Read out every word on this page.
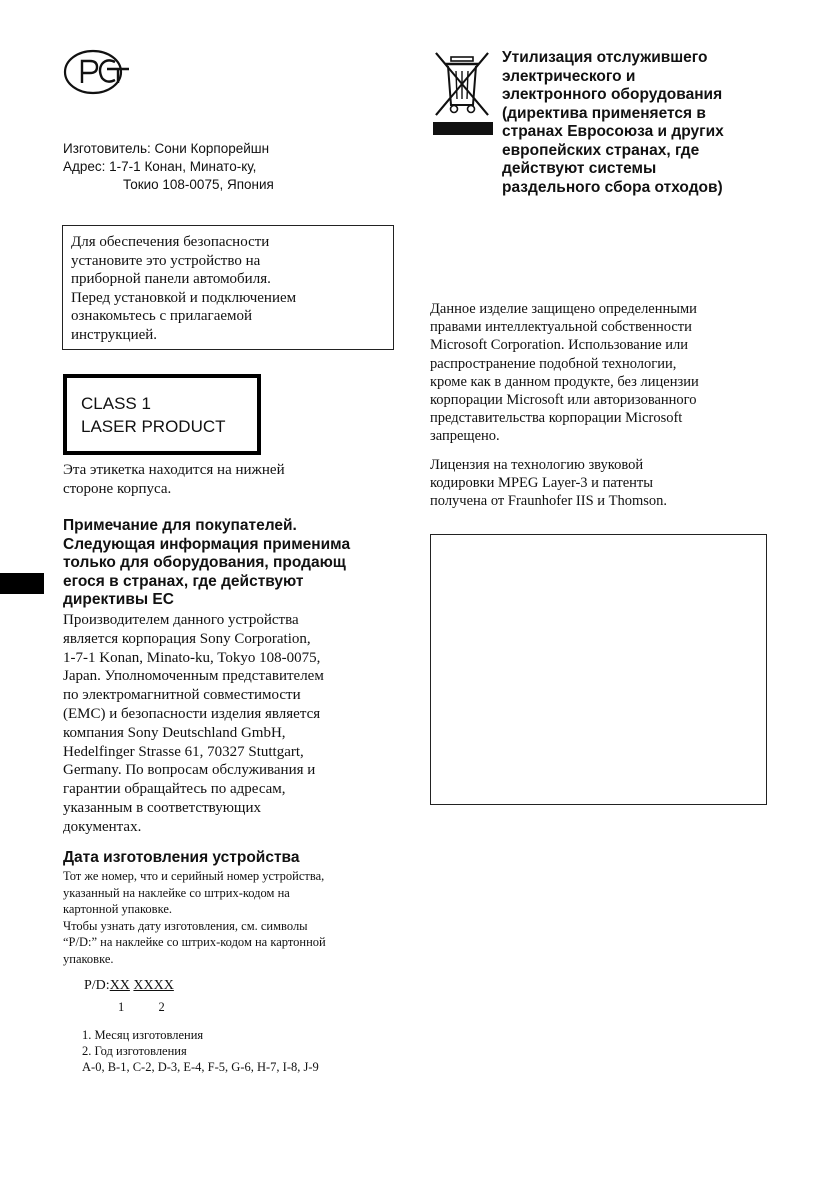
Изготовитель: Сони Корпорейшн
Адрес: 1-7-1 Конан, Минато-ку,
Токио 108-0075, Япония
Для обеспечения безопасности
установите это устройство на
приборной панели автомобиля.
Перед установкой и подключением
ознакомьтесь с прилагаемой
инструкцией.
CLASS 1
LASER PRODUCT
Эта этикетка находится на нижней
стороне корпуса.
Примечание для покупателей.
Следующая информация применима
только для оборудования, продающ
егося в странах, где действуют
директивы ЕС
Производителем данного устройства
является корпорация Sony Corporation,
1-7-1 Konan, Minato-ku, Tokyo 108-0075,
Japan. Уполномоченным представителем
по электромагнитной совместимости
(EMC) и безопасности изделия является
компания Sony Deutschland GmbH,
Hedelfinger Strasse 61, 70327 Stuttgart,
Germany. По вопросам обслуживания и
гарантии обращайтесь по адресам,
указанным в соответствующих
документах.
Дата изготовления устройства
Тот же номер, что и серийный номер устройства,
указанный на наклейке со штрих-кодом на
картонной упаковке.
Чтобы узнать дату изготовления, см. символы
“P/D:” на наклейке со штрих-кодом на картонной
упаковке.
P/D:XX XXXX
1	2
1. Месяц изготовления
2. Год изготовления
A-0, B-1, C-2, D-3, E-4, F-5, G-6, H-7, I-8, J-9
Утилизация отслужившего
электрического и
электронного оборудования
(директива применяется в
странах Евросоюза и других
европейских странах, где
действуют системы
раздельного сбора отходов)
Данное изделие защищено определенными
правами интеллектуальной собственности
Microsoft Corporation. Использование или
распространение подобной технологии,
кроме как в данном продукте, без лицензии
корпорации Microsoft или авторизованного
представительства корпорации Microsoft
запрещено.
Лицензия на технологию звуковой
кодировки MPEG Layer-3 и патенты
получена от Fraunhofer IIS и Thomson.
